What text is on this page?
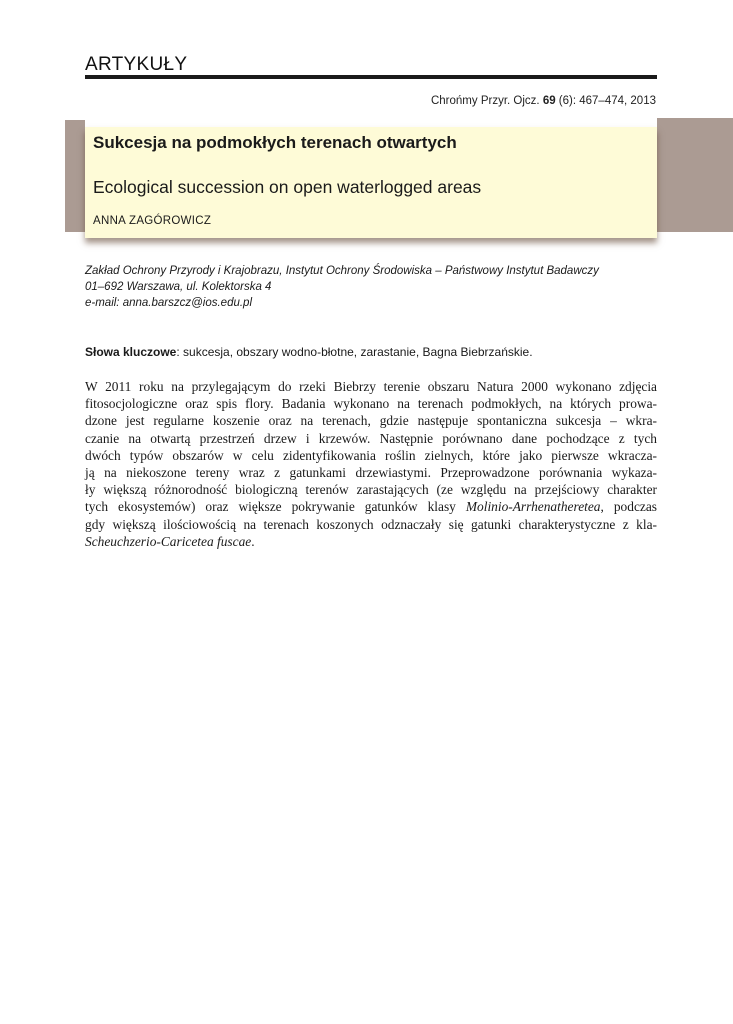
ARTYKUŁY
Chrońmy Przyr. Ojcz. 69 (6): 467–474, 2013
Sukcesja na podmokłych terenach otwartych
Ecological succession on open waterlogged areas
ANNA ZAGÓROWICZ
Zakład Ochrony Przyrody i Krajobrazu, Instytut Ochrony Środowiska – Państwowy Instytut Badawczy
01–692 Warszawa, ul. Kolektorska 4
e-mail: anna.barszcz@ios.edu.pl
Słowa kluczowe: sukcesja, obszary wodno-błotne, zarastanie, Bagna Biebrzańskie.
W 2011 roku na przylegającym do rzeki Biebrzy terenie obszaru Natura 2000 wykonano zdjęcia
fitosocjologiczne oraz spis flory. Badania wykonano na terenach podmokłych, na których prowa-
dzone jest regularne koszenie oraz na terenach, gdzie następuje spontaniczna sukcesja – wkra-
czanie na otwartą przestrzeń drzew i krzewów. Następnie porównano dane pochodzące z tych
dwóch typów obszarów w celu zidentyfikowania roślin zielnych, które jako pierwsze wkracza-
ją na niekoszone tereny wraz z gatunkami drzewiastymi. Przeprowadzone porównania wykaza-
ły większą różnorodność biologiczną terenów zarastających (ze względu na przejściowy charakter
tych ekosystemów) oraz większe pokrywanie gatunków klasy Molinio-Arrhenatheretea, podczas
gdy większą ilościowością na terenach koszonych odznaczały się gatunki charakterystyczne z kla-
Scheuchzerio-Caricetea fuscae.
